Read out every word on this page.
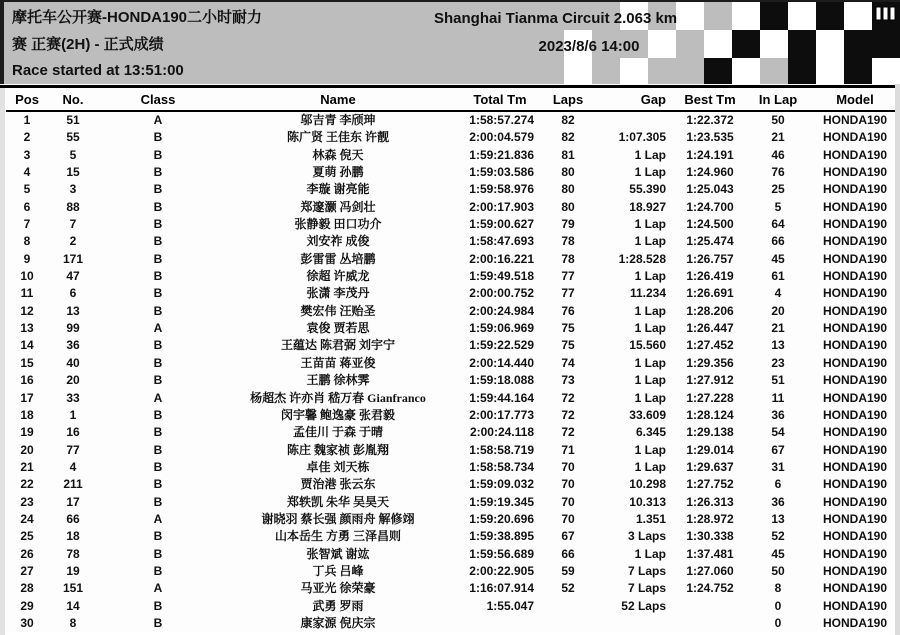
摩托车公开赛-HONDA190二小时耐力
赛 正赛(2H) - 正式成绩
Race started at 13:51:00
Shanghai Tianma Circuit 2.063 km
2023/8/6 14:00
Pos	No.	Class	Name	Total Tm	Laps	Gap	Best Tm	In Lap	Model
1	51	A	邬吉青 李颀珅	1:58:57.274	82		1:22.372	50	HONDA190
2	55	B	陈广贤 王佳东 许靓	2:00:04.579	82	1:07.305	1:23.535	21	HONDA190
3	5	B	林森 倪天	1:59:21.836	81	1 Lap	1:24.191	46	HONDA190
4	15	B	夏萌 孙鹏	1:59:03.586	80	1 Lap	1:24.960	76	HONDA190
5	3	B	李璇 谢亮能	1:59:58.976	80	55.390	1:25.043	25	HONDA190
6	88	B	郑邃灏 冯剑壮	2:00:17.903	80	18.927	1:24.700	5	HONDA190
7	7	B	张静毅 田口功介	1:59:00.627	79	1 Lap	1:24.500	64	HONDA190
8	2	B	刘安祚 成俊	1:58:47.693	78	1 Lap	1:25.474	66	HONDA190
9	171	B	彭雷雷 丛培鹏	2:00:16.221	78	1:28.528	1:26.757	45	HONDA190
10	47	B	徐超 许威龙	1:59:49.518	77	1 Lap	1:26.419	61	HONDA190
11	6	B	张潇 李茂丹	2:00:00.752	77	11.234	1:26.691	4	HONDA190
12	13	B	樊宏伟 汪贻圣	2:00:24.984	76	1 Lap	1:28.206	20	HONDA190
13	99	A	袁俊 贾若思	1:59:06.969	75	1 Lap	1:26.447	21	HONDA190
14	36	B	王蕴达 陈君弼 刘宇宁	1:59:22.529	75	15.560	1:27.452	13	HONDA190
15	40	B	王苗苗 蒋亚俊	2:00:14.440	74	1 Lap	1:29.356	23	HONDA190
16	20	B	王鹏 徐林霁	1:59:18.088	73	1 Lap	1:27.912	51	HONDA190
17	33	A	杨超杰 许亦肖 嵇万春 Gianfranco	1:59:44.164	72	1 Lap	1:27.228	11	HONDA190
18	1	B	闵宇馨 鲍逸豪 张君毅	2:00:17.773	72	33.609	1:28.124	36	HONDA190
19	16	B	孟佳川 于森 于晴	2:00:24.118	72	6.345	1:29.138	54	HONDA190
20	77	B	陈庄 魏家祯 彭胤翔	1:58:58.719	71	1 Lap	1:29.014	67	HONDA190
21	4	B	卓佳 刘天栋	1:58:58.734	70	1 Lap	1:29.637	31	HONDA190
22	211	B	贾治港 张云东	1:59:09.032	70	10.298	1:27.752	6	HONDA190
23	17	B	郑轶凯 朱华 吴昊天	1:59:19.345	70	10.313	1:26.313	36	HONDA190
24	66	A	谢晓羽 蔡长强 颜雨舟 解修翊	1:59:20.696	70	1.351	1:28.972	13	HONDA190
25	18	B	山本岳生 方勇 三泽昌则	1:59:38.895	67	3 Laps	1:30.338	52	HONDA190
26	78	B	张智斌 谢竑	1:59:56.689	66	1 Lap	1:37.481	45	HONDA190
27	19	B	丁兵 吕峰	2:00:22.905	59	7 Laps	1:27.060	50	HONDA190
28	151	A	马亚光 徐荣豪	1:16:07.914	52	7 Laps	1:24.752	8	HONDA190
29	14	B	武勇 罗雨	1:55.047		52 Laps		0	HONDA190
30	8	B	康家源 倪庆宗					0	HONDA190
